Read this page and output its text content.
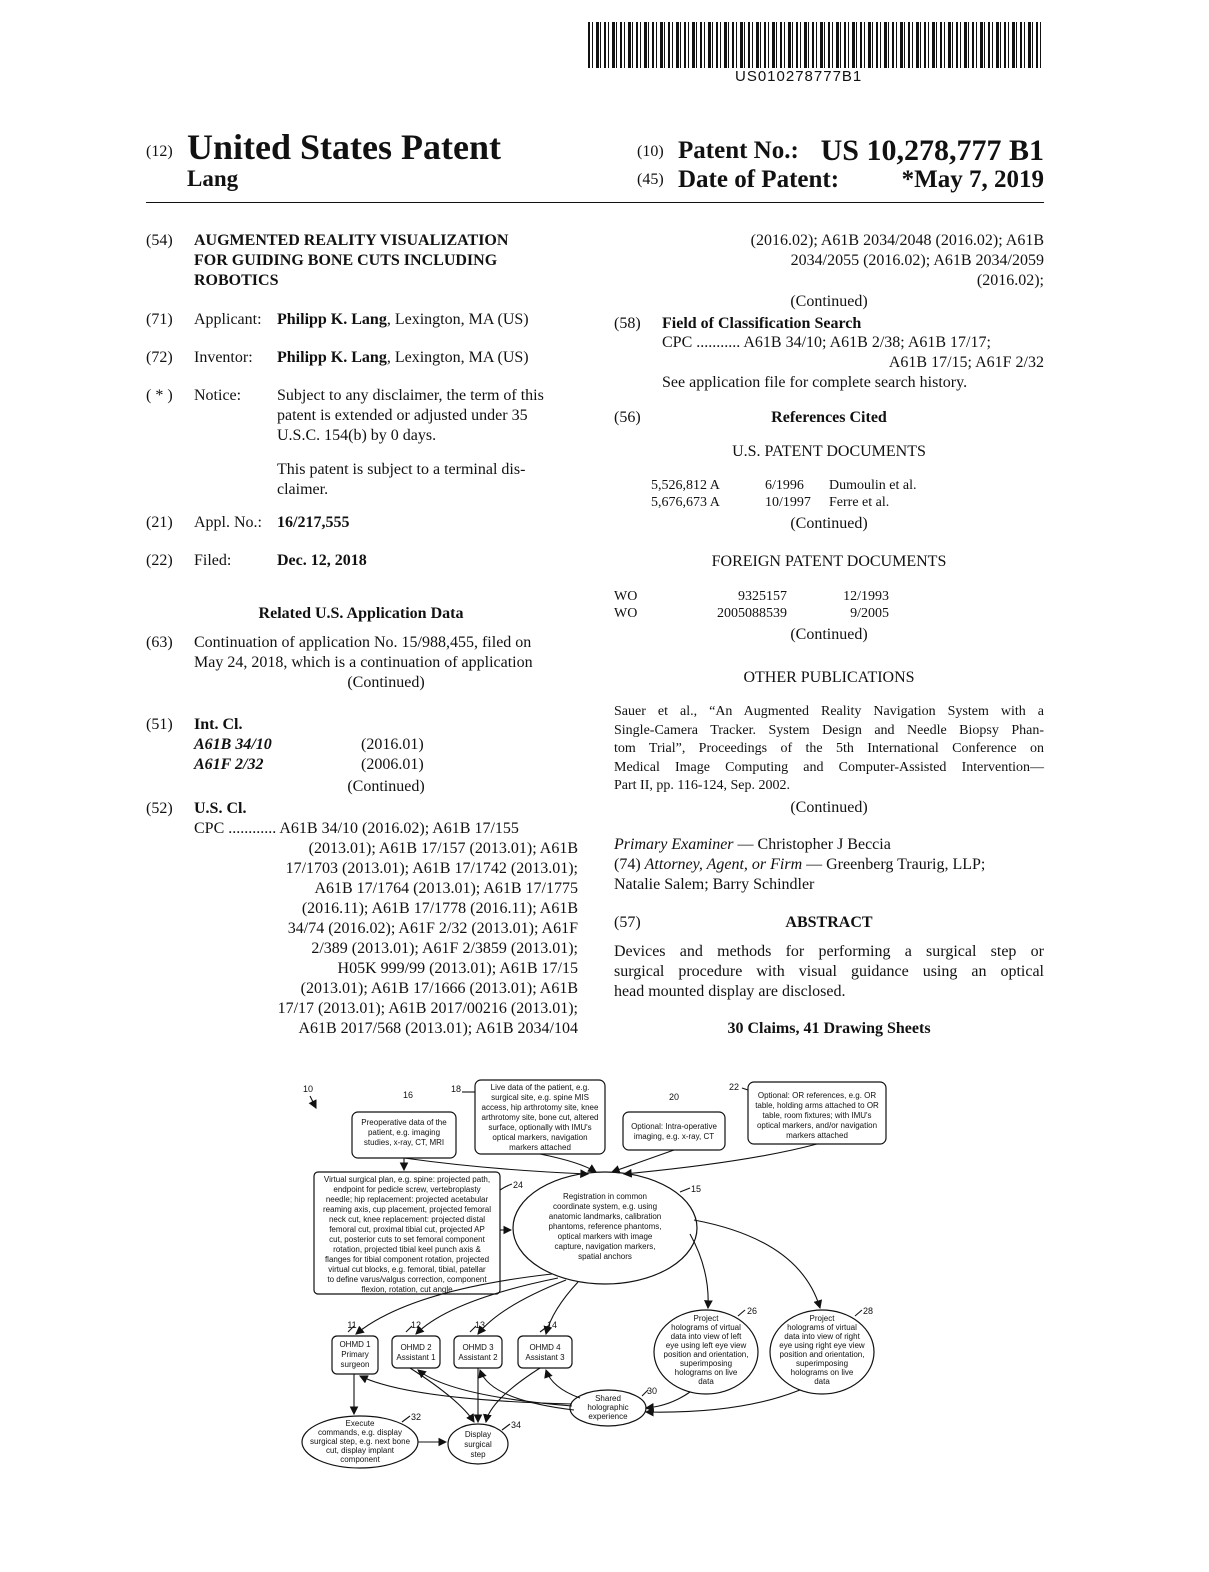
US010278777B1
(12) United States Patent
Lang
(10) Patent No.: US 10,278,777 B1
(45) Date of Patent:	*May 7, 2019
(54) AUGMENTED REALITY VISUALIZATION
FOR GUIDING BONE CUTS INCLUDING
ROBOTICS
(71) Applicant: Philipp K. Lang, Lexington, MA (US)
(72) Inventor: Philipp K. Lang, Lexington, MA (US)
( * ) Notice: Subject to any disclaimer, the term of this
patent is extended or adjusted under 35
U.S.C. 154(b) by 0 days.
This patent is subject to a terminal dis-
claimer.
(21) Appl. No.: 16/217,555
(22) Filed:	Dec. 12, 2018
Related U.S. Application Data
(63) Continuation of application No. 15/988,455, filed on
May 24, 2018, which is a continuation of application
(Continued)
(51) Int. Cl.
A61B 34/10	(2016.01)
A61F 2/32	(2006.01)
(Continued)
(52) U.S. Cl.
CPC ............ A61B 34/10 (2016.02); A61B 17/155
(2013.01); A61B 17/157 (2013.01); A61B
17/1703 (2013.01); A61B 17/1742 (2013.01);
A61B 17/1764 (2013.01); A61B 17/1775
(2016.11); A61B 17/1778 (2016.11); A61B
34/74 (2016.02); A61F 2/32 (2013.01); A61F
2/389 (2013.01); A61F 2/3859 (2013.01);
H05K 999/99 (2013.01); A61B 17/15
(2013.01); A61B 17/1666 (2013.01); A61B
17/17 (2013.01); A61B 2017/00216 (2013.01);
A61B 2017/568 (2013.01); A61B 2034/104
(2016.02); A61B 2034/2048 (2016.02); A61B
2034/2055 (2016.02); A61B 2034/2059
(2016.02);
(Continued)
(58) Field of Classification Search
CPC ........... A61B 34/10; A61B 2/38; A61B 17/17;
A61B 17/15; A61F 2/32
See application file for complete search history.
(56)	References Cited
U.S. PATENT DOCUMENTS
5,526,812 A	6/1996 Dumoulin et al.
5,676,673 A	10/1997 Ferre et al.
(Continued)
FOREIGN PATENT DOCUMENTS
WO	9325157	12/1993
WO	2005088539	9/2005
(Continued)
OTHER PUBLICATIONS
Sauer et al., “An Augmented Reality Navigation System with a
Single-Camera Tracker. System Design and Needle Biopsy Phan-
tom Trial”, Proceedings of the 5th International Conference on
Medical Image Computing and Computer-Assisted Intervention—
Part II, pp. 116-124, Sep. 2002.
(Continued)
Primary Examiner — Christopher J Beccia
(74) Attorney, Agent, or Firm — Greenberg Traurig, LLP;
Natalie Salem; Barry Schindler
(57)	ABSTRACT
Devices and methods for performing a surgical step or
surgical procedure with visual guidance using an optical
head mounted display are disclosed.
30 Claims, 41 Drawing Sheets
10
16
18
20
22
24	15
26	28
11	12	13	14
30
32
34
Preoperative data of the
patient, e.g. imaging
studies, x-ray, CT, MRI
Live data of the patient, e.g.
surgical site, e.g. spine MIS
access, hip arthrotomy site, knee
arthrotomy site, bone cut, altered
surface, optionally with IMU's
optical markers, navigation
markers attached
Optional: Intra-operative
imaging, e.g. x-ray, CT
Optional: OR references, e.g. OR
table, holding arms attached to OR
table, room fixtures; with IMU's
optical markers, and/or navigation
markers attached
Virtual surgical plan, e.g. spine: projected path,
endpoint for pedicle screw, vertebroplasty
needle; hip replacement: projected acetabular
reaming axis, cup placement, projected femoral
neck cut, knee replacement: projected distal
femoral cut, proximal tibial cut, projected AP
cut, posterior cuts to set femoral component
rotation, projected tibial keel punch axis &
flanges for tibial component rotation, projected
virtual cut blocks, e.g. femoral, tibial, patellar
to define varus/valgus correction, component
flexion, rotation, cut angle
Registration in common
coordinate system, e.g. using
anatomic landmarks, calibration
phantoms, reference phantoms,
optical markers with image
capture, navigation markers,
spatial anchors
Project
holograms of virtual
data into view of left
eye using left eye view
position and orientation,
superimposing
holograms on live
data
Project
holograms of virtual
data into view of right
eye using right eye view
position and orientation,
superimposing
holograms on live
data
OHMD 1
Primary
surgeon
OHMD 2
Assistant 1
OHMD 3
Assistant 2
OHMD 4
Assistant 3
Shared
holographic
experience
Execute
commands, e.g. display
surgical step, e.g. next bone
cut, display implant
component
Display
surgical
step
